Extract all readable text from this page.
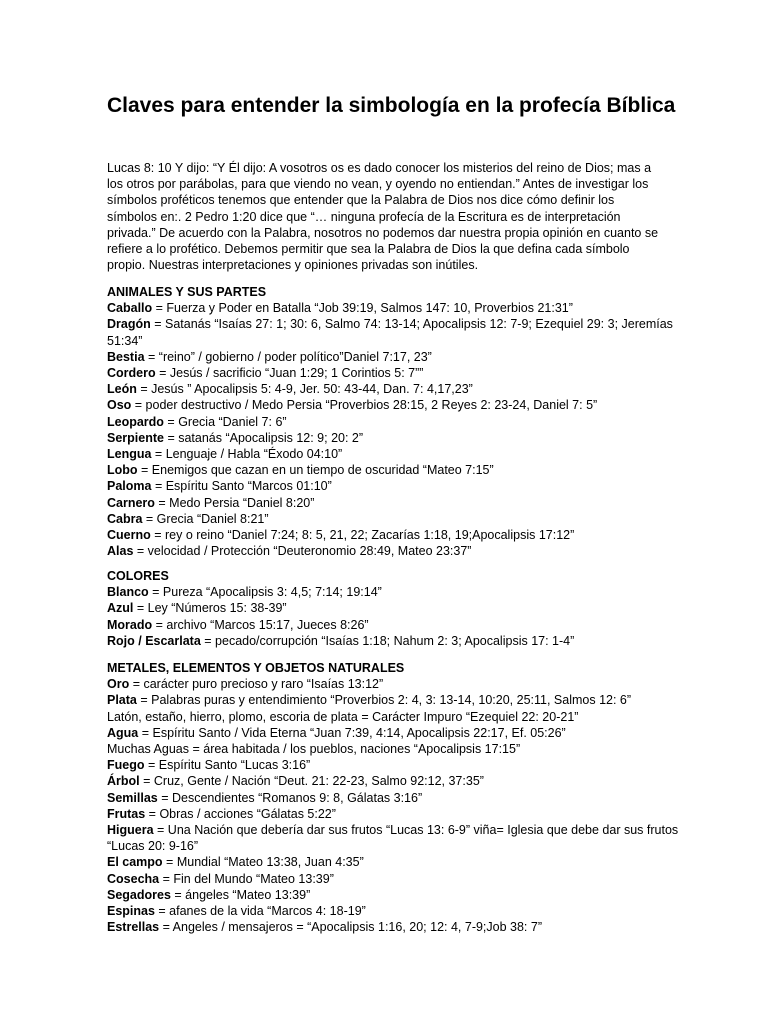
Claves para entender la simbología en la profecía Bíblica

Lucas 8: 10 Y dijo: “Y Él dijo: A vosotros os es dado conocer los misterios del reino de Dios; mas a los otros por parábolas, para que viendo no vean, y oyendo no entiendan.” Antes de investigar los símbolos proféticos tenemos que entender que la Palabra de Dios nos dice cómo definir los símbolos en:. 2 Pedro 1:20 dice que “… ninguna profecía de la Escritura es de interpretación privada.” De acuerdo con la Palabra, nosotros no podemos dar nuestra propia opinión en cuanto se refiere a lo profético. Debemos permitir que sea la Palabra de Dios la que defina cada símbolo propio. Nuestras interpretaciones y opiniones privadas son inútiles.

ANIMALES Y SUS PARTES
Caballo = Fuerza y Poder en Batalla “Job 39:19, Salmos 147: 10, Proverbios 21:31”
Dragón = Satanás “Isaías 27: 1; 30: 6, Salmo 74: 13-14; Apocalipsis 12: 7-9; Ezequiel 29: 3; Jeremías 51:34”
Bestia = “reino” / gobierno / poder político”Daniel 7:17, 23”
Cordero = Jesús / sacrificio “Juan 1:29; 1 Corintios 5: 7””
León = Jesús ” Apocalipsis 5: 4-9, Jer. 50: 43-44, Dan. 7: 4,17,23”
Oso = poder destructivo / Medo Persia “Proverbios 28:15, 2 Reyes 2: 23-24, Daniel 7: 5”
Leopardo = Grecia “Daniel 7: 6”
Serpiente = satanás “Apocalipsis 12: 9; 20: 2”
Lengua = Lenguaje / Habla “Éxodo 04:10”
Lobo = Enemigos que cazan en un tiempo de oscuridad “Mateo 7:15”
Paloma = Espíritu Santo “Marcos 01:10”
Carnero = Medo Persia “Daniel 8:20”
Cabra = Grecia “Daniel 8:21”
Cuerno = rey o reino “Daniel 7:24; 8: 5, 21, 22; Zacarías 1:18, 19;Apocalipsis 17:12”
Alas = velocidad / Protección “Deuteronomio 28:49, Mateo 23:37”
COLORES
Blanco = Pureza “Apocalipsis 3: 4,5; 7:14; 19:14”
Azul = Ley “Números 15: 38-39”
Morado = archivo “Marcos 15:17, Jueces 8:26”
Rojo / Escarlata = pecado/corrupción “Isaías 1:18; Nahum 2: 3; Apocalipsis 17: 1-4”
METALES, ELEMENTOS Y OBJETOS NATURALES
Oro = carácter puro precioso y raro “Isaías 13:12”
Plata = Palabras puras y entendimiento “Proverbios 2: 4, 3: 13-14, 10:20, 25:11, Salmos 12: 6”
Latón, estaño, hierro, plomo, escoria de plata = Carácter Impuro “Ezequiel 22: 20-21”
Agua = Espíritu Santo / Vida Eterna “Juan 7:39, 4:14, Apocalipsis 22:17, Ef. 05:26”
Muchas Aguas = área habitada / los pueblos, naciones “Apocalipsis 17:15”
Fuego = Espíritu Santo “Lucas 3:16”
Árbol = Cruz, Gente / Nación “Deut. 21: 22-23, Salmo 92:12, 37:35”
Semillas = Descendientes “Romanos 9: 8, Gálatas 3:16”
Frutas = Obras / acciones “Gálatas 5:22”
Higuera = Una Nación que debería dar sus frutos “Lucas 13: 6-9” viña= Iglesia que debe dar sus frutos “Lucas 20: 9-16”
El campo = Mundial “Mateo 13:38, Juan 4:35”
Cosecha = Fin del Mundo “Mateo 13:39”
Segadores = ángeles “Mateo 13:39”
Espinas = afanes de la vida “Marcos 4: 18-19”
Estrellas = Angeles / mensajeros = “Apocalipsis 1:16, 20; 12: 4, 7-9;Job 38: 7”
